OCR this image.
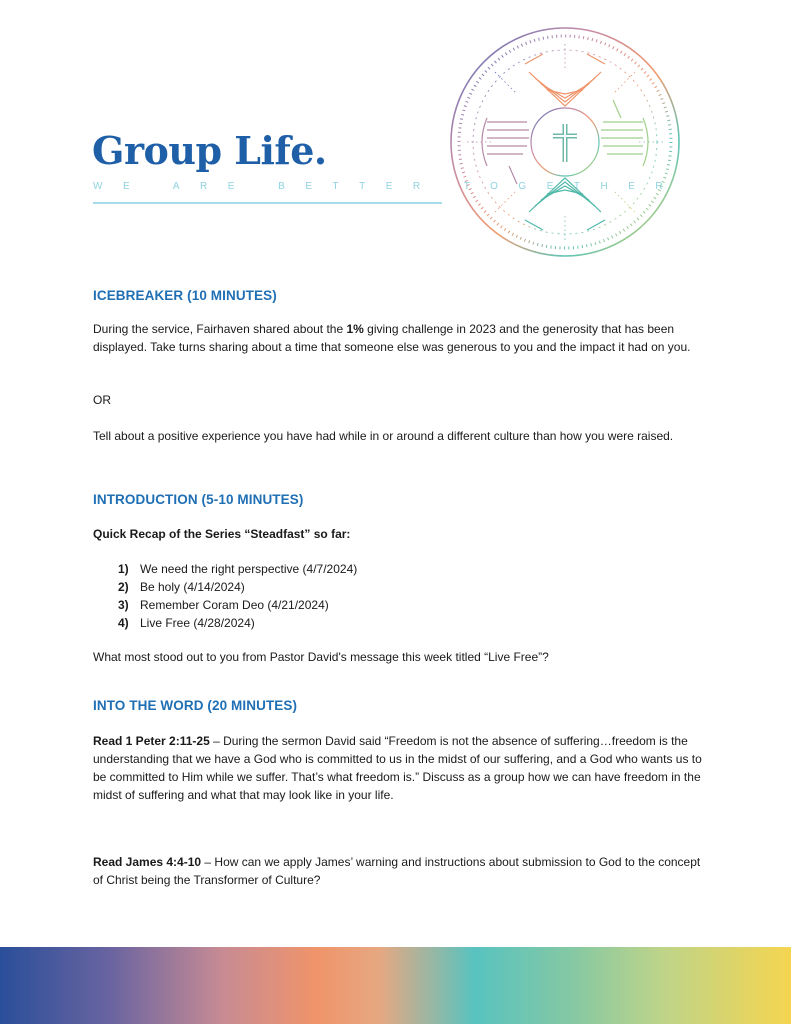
Group Life.
WE ARE BETTER TOGETHER
ICEBREAKER (10 MINUTES)

During the service, Fairhaven shared about the 1% giving challenge in 2023 and the generosity that has been displayed. Take turns sharing about a time that someone else was generous to you and the impact it had on you.

OR

Tell about a positive experience you have had while in or around a different culture than how you were raised.

INTRODUCTION (5-10 MINUTES)

Quick Recap of the Series “Steadfast” so far:

1) We need the right perspective (4/7/2024)
2) Be holy (4/14/2024)
3) Remember Coram Deo (4/21/2024)
4) Live Free (4/28/2024)

What most stood out to you from Pastor David's message this week titled “Live Free”?

INTO THE WORD (20 MINUTES)

Read 1 Peter 2:11-25 – During the sermon David said “Freedom is not the absence of suffering…freedom is the understanding that we have a God who is committed to us in the midst of our suffering, and a God who wants us to be committed to Him while we suffer. That’s what freedom is.” Discuss as a group how we can have freedom in the midst of suffering and what that may look like in your life.

Read James 4:4-10 – How can we apply James’ warning and instructions about submission to God to the concept of Christ being the Transformer of Culture?
